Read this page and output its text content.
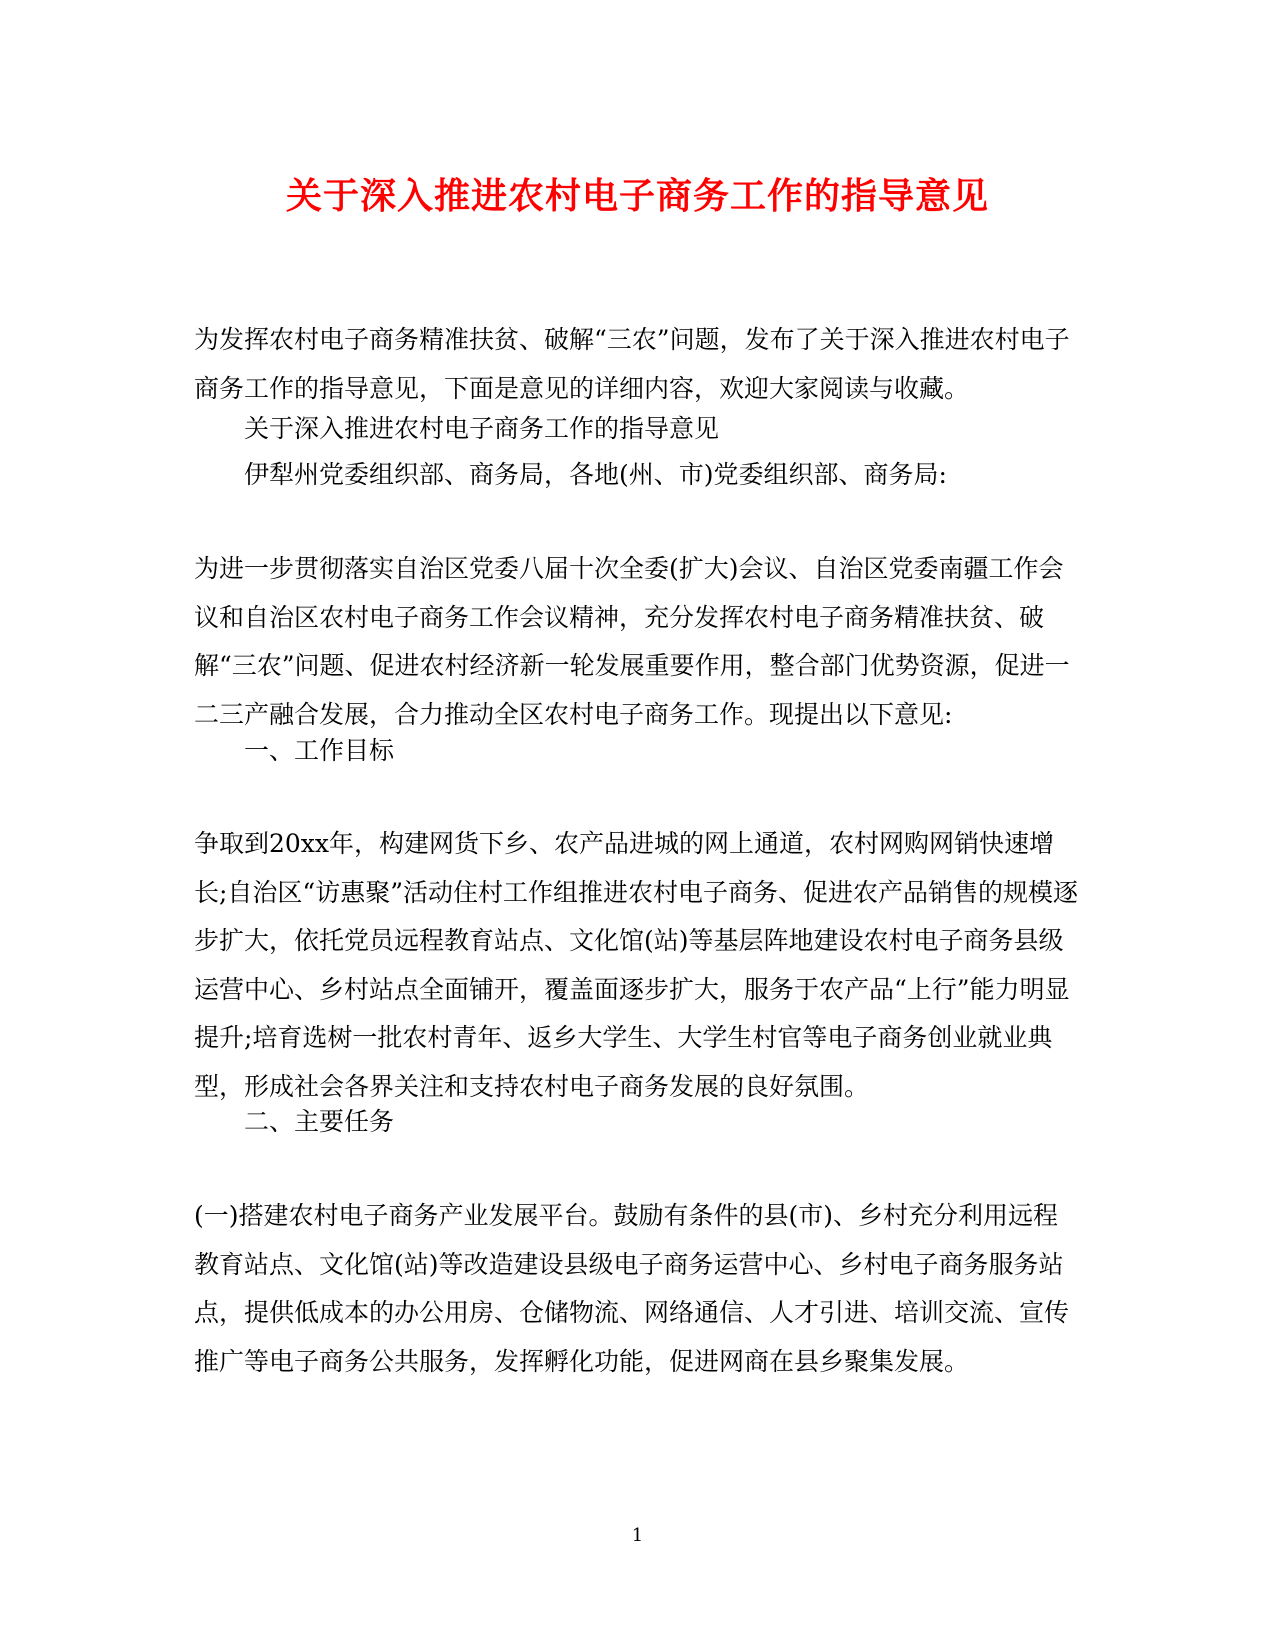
关于深入推进农村电子商务工作的指导意见

为发挥农村电子商务精准扶贫、破解“三农”问题，发布了关于深入推进农村电子商务工作的指导意见，下面是意见的详细内容，欢迎大家阅读与收藏。

关于深入推进农村电子商务工作的指导意见

伊犁州党委组织部、商务局，各地(州、市)党委组织部、商务局:

为进一步贯彻落实自治区党委八届十次全委(扩大)会议、自治区党委南疆工作会议和自治区农村电子商务工作会议精神，充分发挥农村电子商务精准扶贫、破解“三农”问题、促进农村经济新一轮发展重要作用，整合部门优势资源，促进一二三产融合发展，合力推动全区农村电子商务工作。现提出以下意见:

一、工作目标

争取到20xx年，构建网货下乡、农产品进城的网上通道，农村网购网销快速增长;自治区“访惠聚”活动住村工作组推进农村电子商务、促进农产品销售的规模逐步扩大，依托党员远程教育站点、文化馆(站)等基层阵地建设农村电子商务县级运营中心、乡村站点全面铺开，覆盖面逐步扩大，服务于农产品“上行”能力明显提升;培育选树一批农村青年、返乡大学生、大学生村官等电子商务创业就业典型，形成社会各界关注和支持农村电子商务发展的良好氛围。

二、主要任务

(一)搭建农村电子商务产业发展平台。鼓励有条件的县(市)、乡村充分利用远程教育站点、文化馆(站)等改造建设县级电子商务运营中心、乡村电子商务服务站点，提供低成本的办公用房、仓储物流、网络通信、人才引进、培训交流、宣传推广等电子商务公共服务，发挥孵化功能，促进网商在县乡聚集发展。

1
